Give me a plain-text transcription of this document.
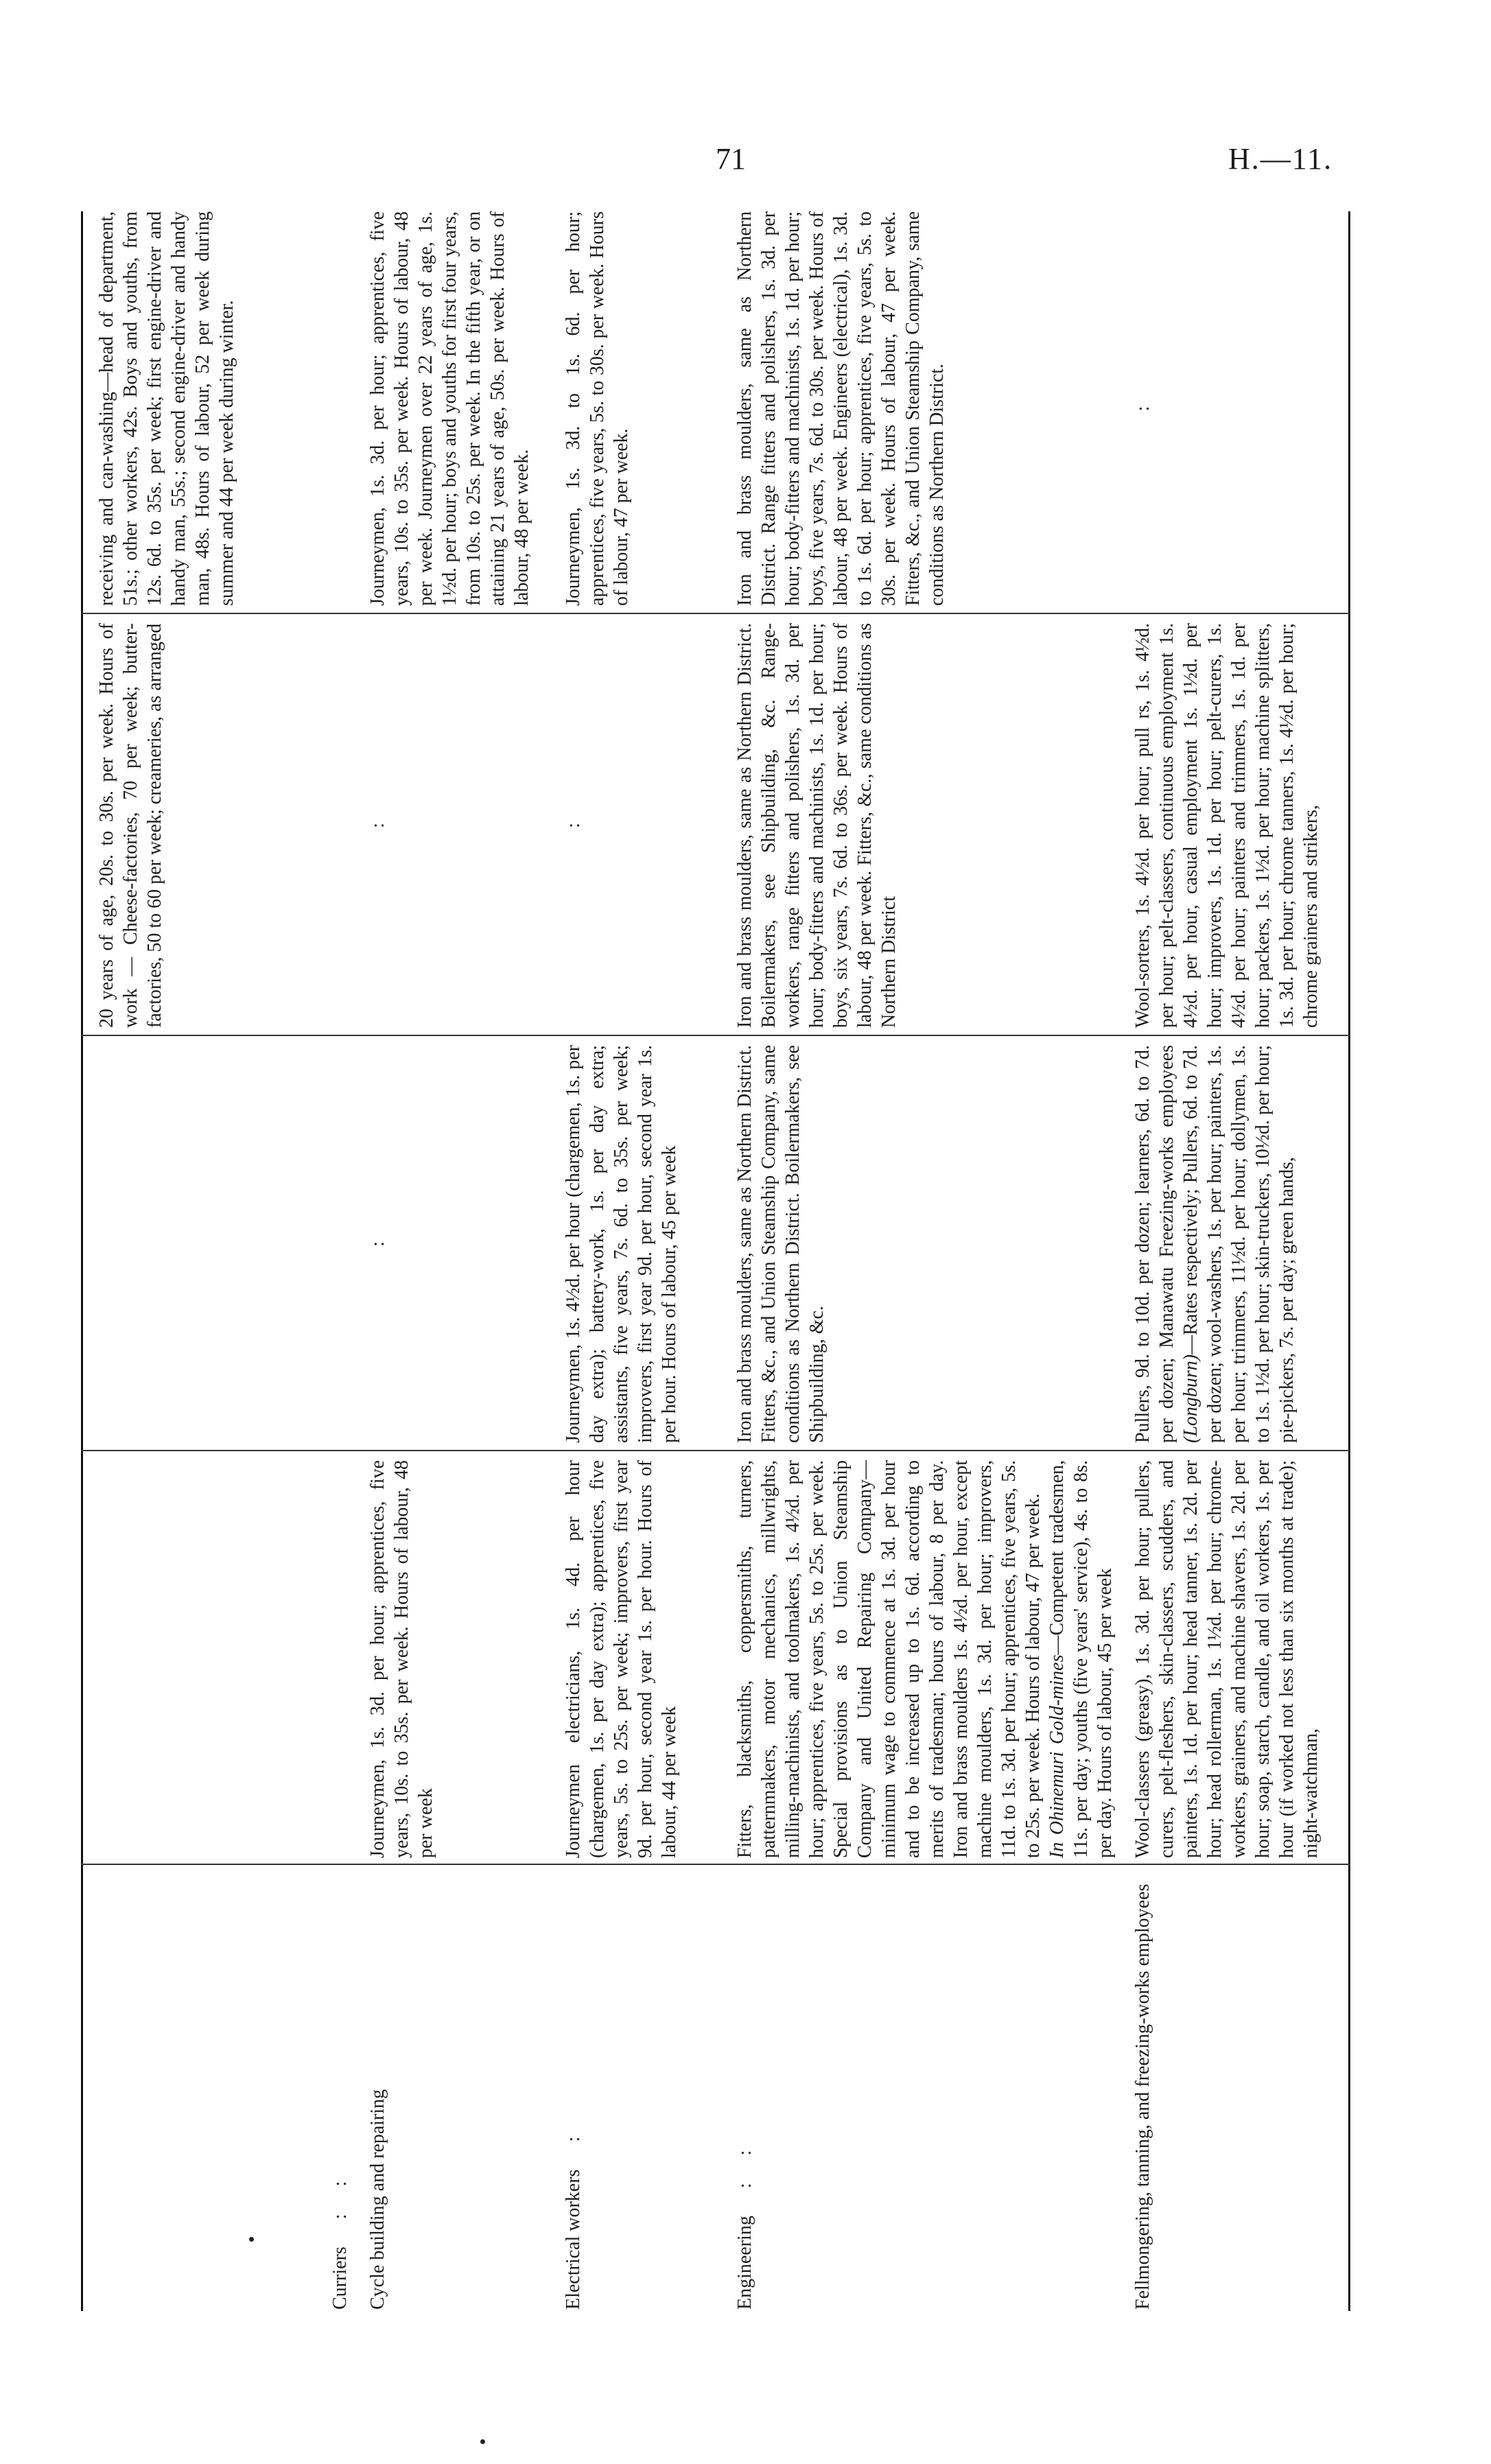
71	H.—11.
Curriers::
20 years of age, 20s. to 30s. per week. Hours of work — Cheese-factories, 70 per week; butter-factories, 50 to 60 per week; creameries, as arranged
receiving and can-washing—head of department, 51s.; other workers, 42s. Boys and youths, from 12s. 6d. to 35s. per week; first engine-driver and handy man, 55s.; second engine-driver and handy man, 48s. Hours of labour, 52 per week during summer and 44 per week during winter.
Cycle building and repairing
Journeymen, 1s. 3d. per hour; apprentices, five years, 10s. to 35s. per week. Hours of labour, 48 per week
:
:
Journeymen, 1s. 3d. per hour; apprentices, five years, 10s. to 35s. per week. Hours of labour, 48 per week. Journeymen over 22 years of age, 1s. 1½d. per hour; boys and youths for first four years, from 10s. to 25s. per week. In the fifth year, or on attaining 21 years of age, 50s. per week. Hours of labour, 48 per week.
Electrical workers:
Journeymen electricians, 1s. 4d. per hour (chargemen, 1s. per day extra); apprentices, five years, 5s. to 25s. per week; improvers, first year 9d. per hour, second year 1s. per hour. Hours of labour, 44 per week
Journeymen, 1s. 4½d. per hour (chargemen, 1s. per day extra); battery-work, 1s. per day extra; assistants, five years, 7s. 6d. to 35s. per week; improvers, first year 9d. per hour, second year 1s. per hour. Hours of labour, 45 per week
:
Journeymen, 1s. 3d. to 1s. 6d. per hour; apprentices, five years, 5s. to 30s. per week. Hours of labour, 47 per week.
Engineering::
Fitters, blacksmiths, coppersmiths, turners, patternmakers, motor mechanics, millwrights, milling-machinists, and toolmakers, 1s. 4½d. per hour; apprentices, five years, 5s. to 25s. per week. Special provisions as to Union Steamship Company and United Repairing Company—minimum wage to commence at 1s. 3d. per hour and to be increased up to 1s. 6d. according to merits of tradesman; hours of labour, 8 per day. Iron and brass moulders 1s. 4½d. per hour, except machine moulders, 1s. 3d. per hour; improvers, 11d. to 1s. 3d. per hour; apprentices, five years, 5s. to 25s. per week. Hours of labour, 47 per week. In Ohinemuri Gold-mines—Competent tradesmen, 11s. per day; youths (five years' service), 4s. to 8s. per day. Hours of labour, 45 per week
Iron and brass moulders, same as Northern District. Fitters, &c., and Union Steamship Company, same conditions as Northern District. Boilermakers, see Shipbuilding, &c.
Iron and brass moulders, same as Northern District. Boilermakers, see Shipbuilding, &c. Range-workers, range fitters and polishers, 1s. 3d. per hour; body-fitters and machinists, 1s. 1d. per hour; boys, six years, 7s. 6d. to 36s. per week. Hours of labour, 48 per week. Fitters, &c., same conditions as Northern District
Iron and brass moulders, same as Northern District. Range fitters and polishers, 1s. 3d. per hour; body-fitters and machinists, 1s. 1d. per hour; boys, five years, 7s. 6d. to 30s. per week. Hours of labour, 48 per week. Engineers (electrical), 1s. 3d. to 1s. 6d. per hour; apprentices, five years, 5s. to 30s. per week. Hours of labour, 47 per week. Fitters, &c., and Union Steamship Company, same conditions as Northern District.
Fellmongering, tanning, and freezing-works employees
Wool-classers (greasy), 1s. 3d. per hour; pullers, curers, pelt-fleshers, skin-classers, scudders, and painters, 1s. 1d. per hour; head tanner, 1s. 2d. per hour; head rollerman, 1s. 1½d. per hour; chrome-workers, grainers, and machine shavers, 1s. 2d. per hour; soap, starch, candle, and oil workers, 1s. per hour (if worked not less than six months at trade); night-watchman,
Pullers, 9d. to 10d. per dozen; learners, 6d. to 7d. per dozen; Manawatu Freezing-works employees (Longburn)—Rates respectively; Pullers, 6d. to 7d. per dozen; wool-washers, 1s. per hour; painters, 1s. per hour; trimmers, 11½d. per hour; dollymen, 1s. to 1s. 1½d. per hour; skin-truckers, 10½d. per hour; pie-pickers, 7s. per day; green hands,
Wool-sorters, 1s. 4½d. per hour; pull rs, 1s. 4½d. per hour; pelt-classers, continuous employment 1s. 4½d. per hour, casual employment 1s. 1½d. per hour; improvers, 1s. 1d. per hour; pelt-curers, 1s. 4½d. per hour; painters and trimmers, 1s. 1d. per hour; packers, 1s. 1½d. per hour; machine splitters, 1s. 3d. per hour; chrome tanners, 1s. 4½d. per hour; chrome grainers and strikers,
:
